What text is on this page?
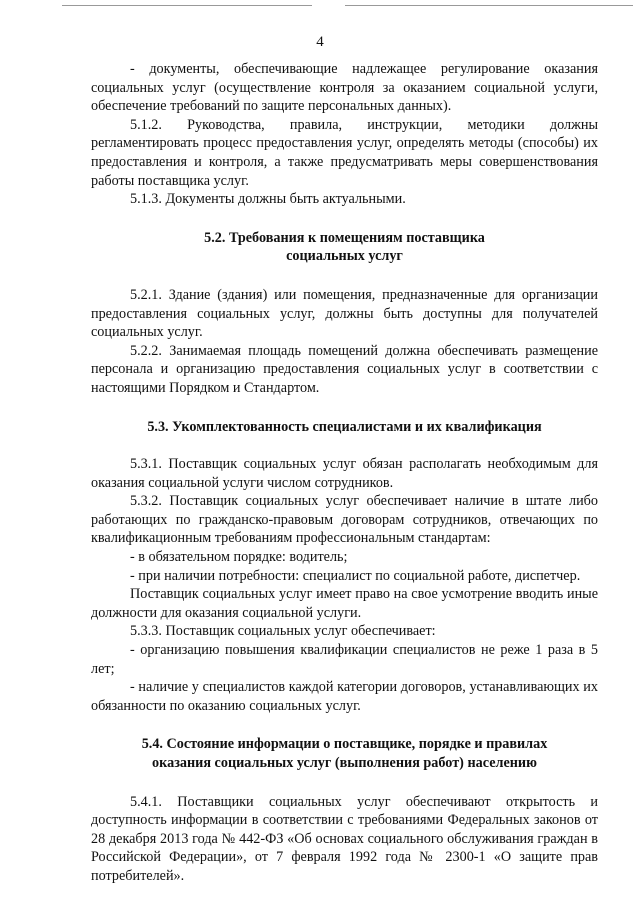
4

- документы, обеспечивающие надлежащее регулирование оказания социальных услуг (осуществление контроля за оказанием социальной услуги, обеспечение требований по защите персональных данных).

5.1.2. Руководства, правила, инструкции, методики должны регламентировать процесс предоставления услуг, определять методы (способы) их предоставления и контроля, а также предусматривать меры совершенствования работы поставщика услуг.

5.1.3. Документы должны быть актуальными.

5.2. Требования к помещениям поставщика
социальных услуг

5.2.1. Здание (здания) или помещения, предназначенные для организации предоставления социальных услуг, должны быть доступны для получателей социальных услуг.

5.2.2. Занимаемая площадь помещений должна обеспечивать размещение персонала и организацию предоставления социальных услуг в соответствии с настоящими Порядком и Стандартом.

5.3. Укомплектованность специалистами и их квалификация

5.3.1. Поставщик социальных услуг обязан располагать необходимым для оказания социальной услуги числом сотрудников.

5.3.2. Поставщик социальных услуг обеспечивает наличие в штате либо работающих по гражданско-правовым договорам сотрудников, отвечающих по квалификационным требованиям профессиональным стандартам:

- в обязательном порядке: водитель;

- при наличии потребности: специалист по социальной работе, диспетчер.

Поставщик социальных услуг имеет право на свое усмотрение вводить иные должности для оказания социальной услуги.

5.3.3. Поставщик социальных услуг обеспечивает:

- организацию повышения квалификации специалистов не реже 1 раза в 5 лет;

- наличие у специалистов каждой категории договоров, устанавливающих их обязанности по оказанию социальных услуг.

5.4. Состояние информации о поставщике, порядке и правилах
оказания социальных услуг (выполнения работ) населению

5.4.1. Поставщики социальных услуг обеспечивают открытость и доступность информации в соответствии с требованиями Федеральных законов от 28 декабря 2013 года № 442-ФЗ «Об основах социального обслуживания граждан в Российской Федерации», от 7 февраля 1992 года № 2300-1 «О защите прав потребителей».
